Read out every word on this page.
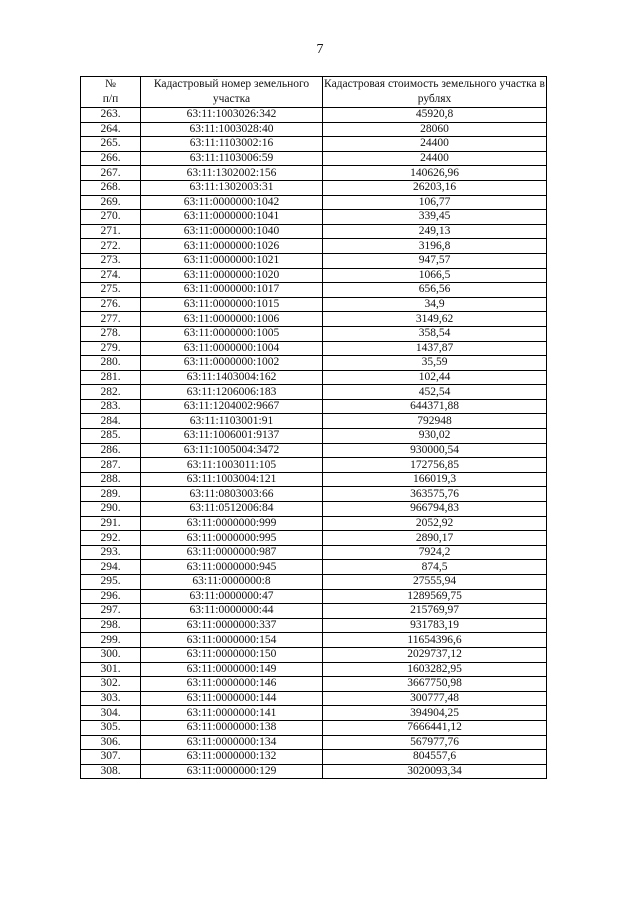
7
№
п/п	Кадастровый номер земельного участка	Кадастровая стоимость земельного участка в рублях
263.	63:11:1003026:342	45920,8
264.	63:11:1003028:40	28060
265.	63:11:1103002:16	24400
266.	63:11:1103006:59	24400
267.	63:11:1302002:156	140626,96
268.	63:11:1302003:31	26203,16
269.	63:11:0000000:1042	106,77
270.	63:11:0000000:1041	339,45
271.	63:11:0000000:1040	249,13
272.	63:11:0000000:1026	3196,8
273.	63:11:0000000:1021	947,57
274.	63:11:0000000:1020	1066,5
275.	63:11:0000000:1017	656,56
276.	63:11:0000000:1015	34,9
277.	63:11:0000000:1006	3149,62
278.	63:11:0000000:1005	358,54
279.	63:11:0000000:1004	1437,87
280.	63:11:0000000:1002	35,59
281.	63:11:1403004:162	102,44
282.	63:11:1206006:183	452,54
283.	63:11:1204002:9667	644371,88
284.	63:11:1103001:91	792948
285.	63:11:1006001:9137	930,02
286.	63:11:1005004:3472	930000,54
287.	63:11:1003011:105	172756,85
288.	63:11:1003004:121	166019,3
289.	63:11:0803003:66	363575,76
290.	63:11:0512006:84	966794,83
291.	63:11:0000000:999	2052,92
292.	63:11:0000000:995	2890,17
293.	63:11:0000000:987	7924,2
294.	63:11:0000000:945	874,5
295.	63:11:0000000:8	27555,94
296.	63:11:0000000:47	1289569,75
297.	63:11:0000000:44	215769,97
298.	63:11:0000000:337	931783,19
299.	63:11:0000000:154	11654396,6
300.	63:11:0000000:150	2029737,12
301.	63:11:0000000:149	1603282,95
302.	63:11:0000000:146	3667750,98
303.	63:11:0000000:144	300777,48
304.	63:11:0000000:141	394904,25
305.	63:11:0000000:138	7666441,12
306.	63:11:0000000:134	567977,76
307.	63:11:0000000:132	804557,6
308.	63:11:0000000:129	3020093,34
